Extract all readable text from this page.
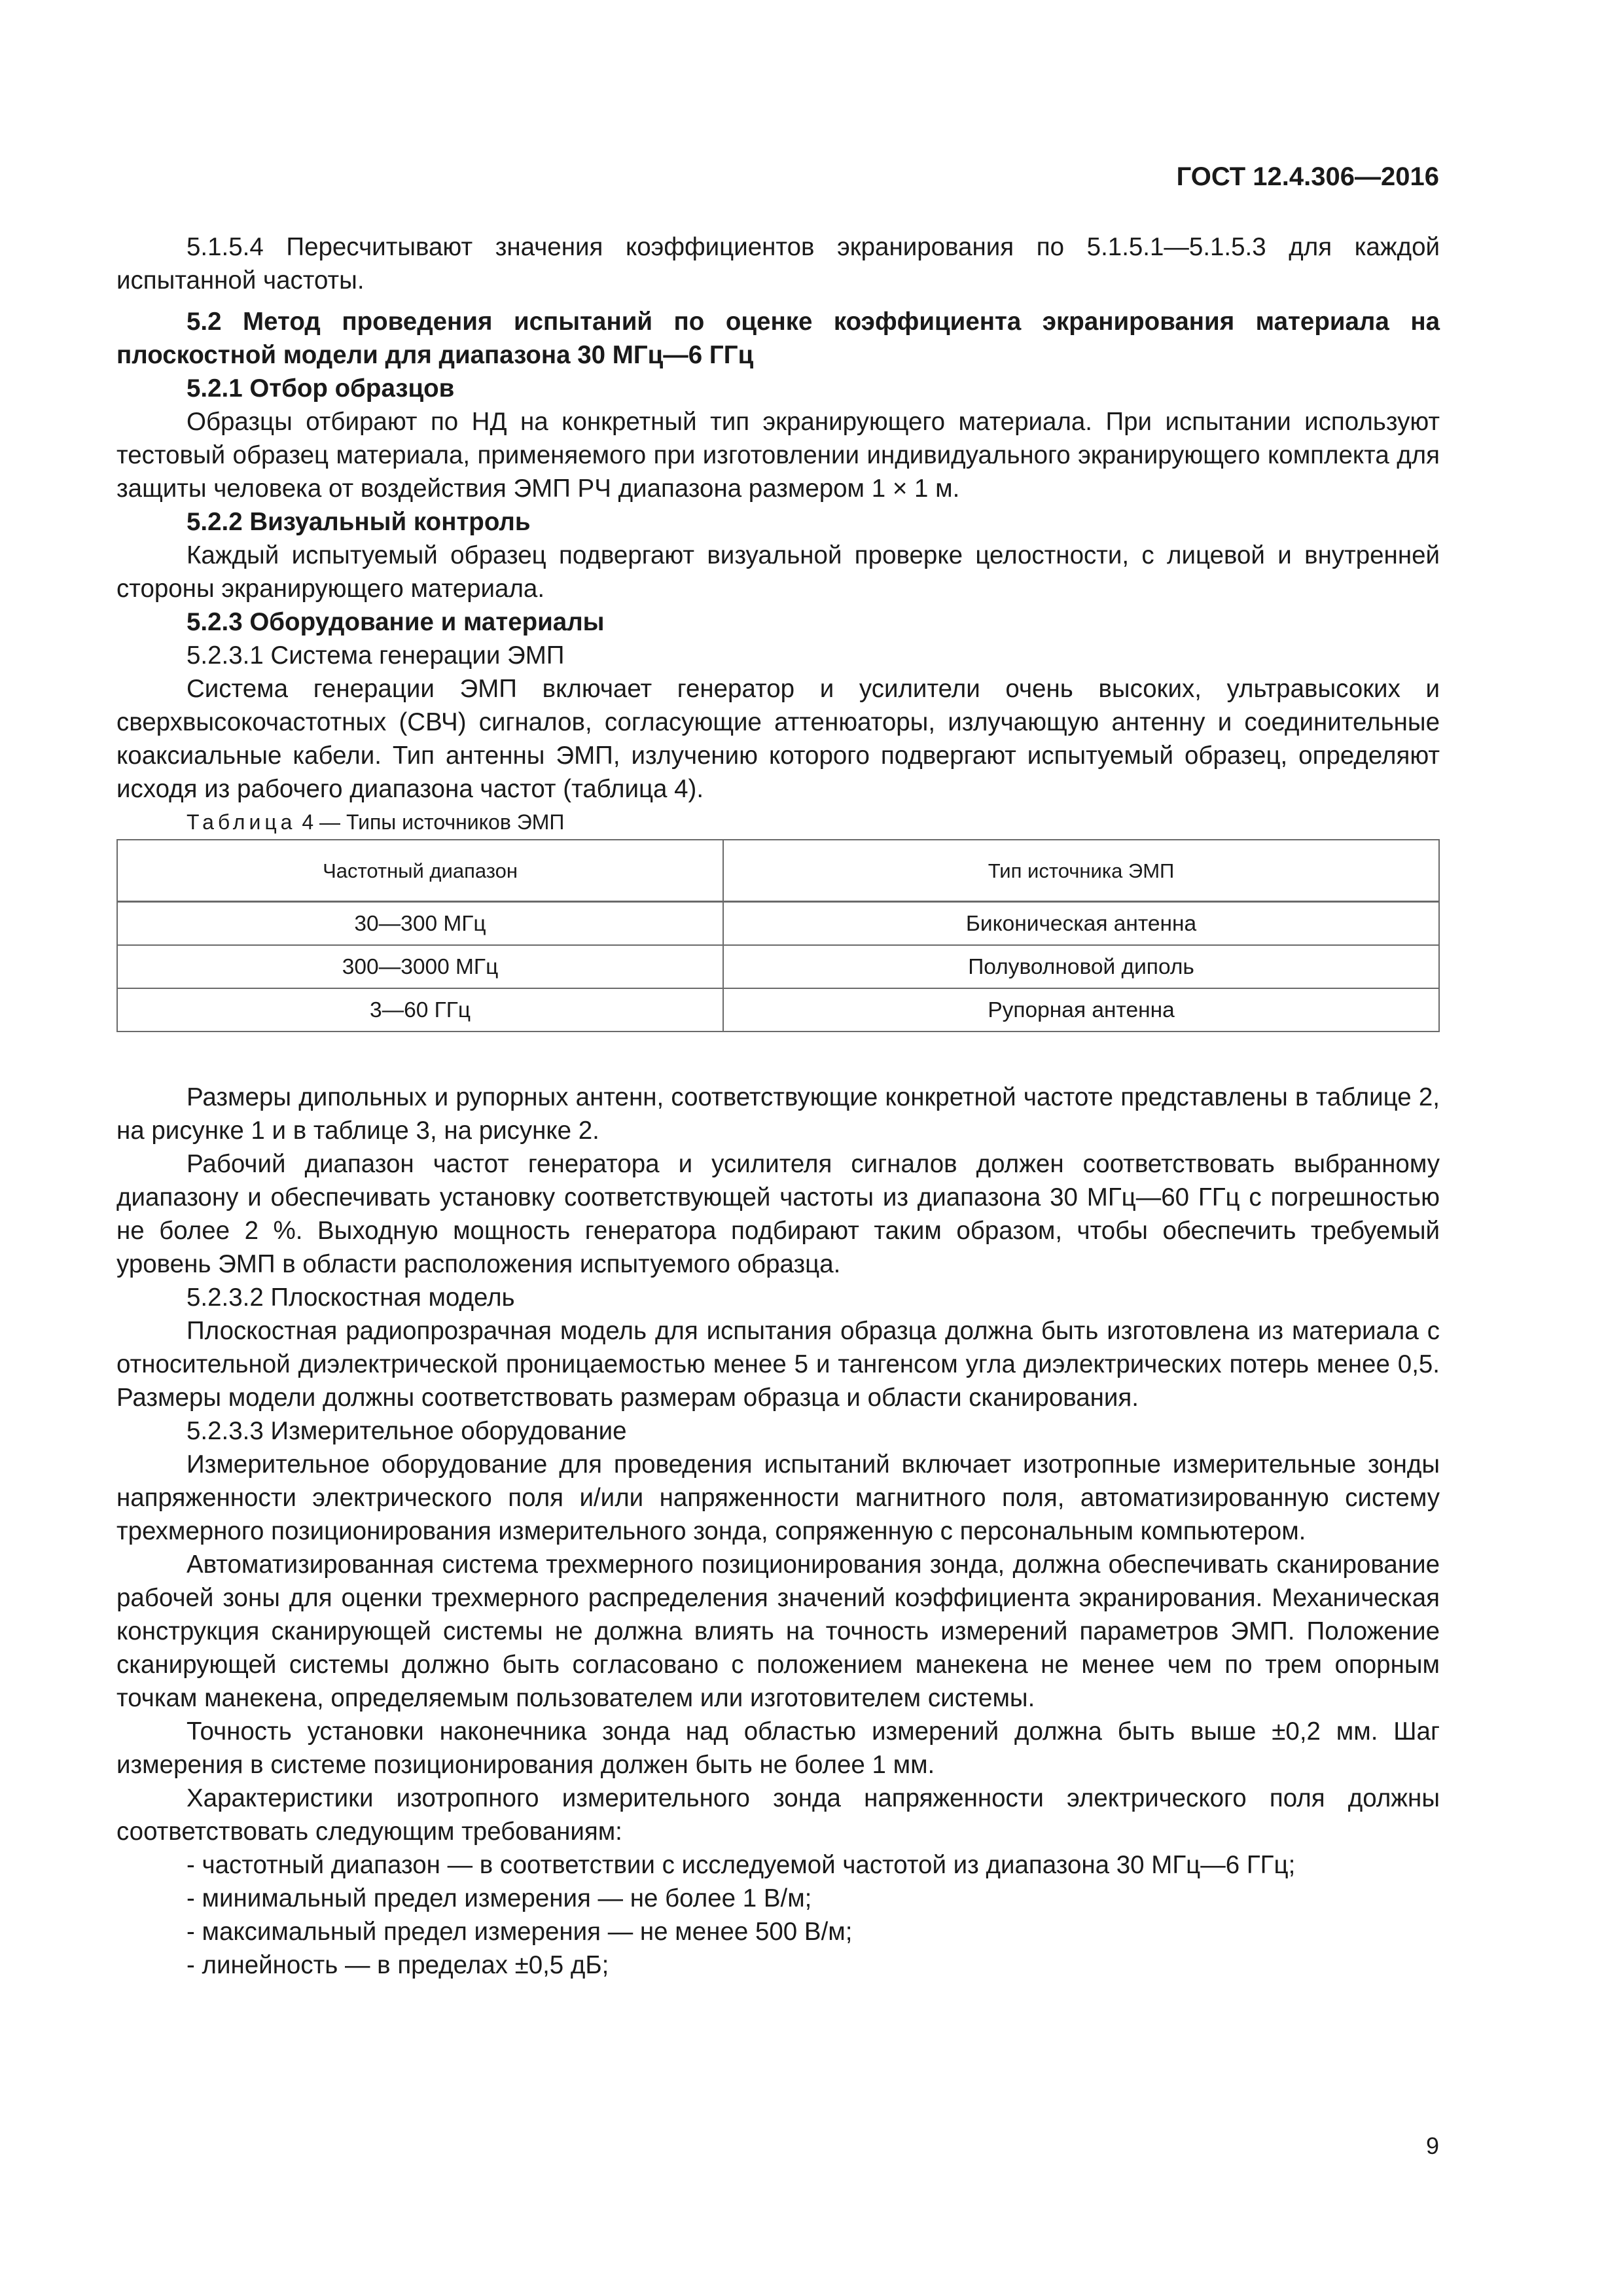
ГОСТ 12.4.306—2016

5.1.5.4 Пересчитывают значения коэффициентов экранирования по 5.1.5.1—5.1.5.3 для каждой испытанной частоты.

5.2 Метод проведения испытаний по оценке коэффициента экранирования материала на плоскостной модели для диапазона 30 МГц—6 ГГц

5.2.1 Отбор образцов

Образцы отбирают по НД на конкретный тип экранирующего материала. При испытании используют тестовый образец материала, применяемого при изготовлении индивидуального экранирующего комплекта для защиты человека от воздействия ЭМП РЧ диапазона размером 1 × 1 м.

5.2.2 Визуальный контроль

Каждый испытуемый образец подвергают визуальной проверке целостности, с лицевой и внутренней стороны экранирующего материала.

5.2.3 Оборудование и материалы

5.2.3.1 Система генерации ЭМП

Система генерации ЭМП включает генератор и усилители очень высоких, ультравысоких и сверхвысокочастотных (СВЧ) сигналов, согласующие аттенюаторы, излучающую антенну и соединительные коаксиальные кабели. Тип антенны ЭМП, излучению которого подвергают испытуемый образец, определяют исходя из рабочего диапазона частот (таблица 4).

Таблица 4 — Типы источников ЭМП

Частотный диапазон	Тип источника ЭМП
30—300 МГц	Биконическая антенна
300—3000 МГц	Полуволновой диполь
3—60 ГГц	Рупорная антенна

Размеры дипольных и рупорных антенн, соответствующие конкретной частоте представлены в таблице 2, на рисунке 1 и в таблице 3, на рисунке 2.

Рабочий диапазон частот генератора и усилителя сигналов должен соответствовать выбранному диапазону и обеспечивать установку соответствующей частоты из диапазона 30 МГц—60 ГГц с погрешностью не более 2 %. Выходную мощность генератора подбирают таким образом, чтобы обеспечить требуемый уровень ЭМП в области расположения испытуемого образца.

5.2.3.2 Плоскостная модель

Плоскостная радиопрозрачная модель для испытания образца должна быть изготовлена из материала с относительной диэлектрической проницаемостью менее 5 и тангенсом угла диэлектрических потерь менее 0,5. Размеры модели должны соответствовать размерам образца и области сканирования.

5.2.3.3 Измерительное оборудование

Измерительное оборудование для проведения испытаний включает изотропные измерительные зонды напряженности электрического поля и/или напряженности магнитного поля, автоматизированную систему трехмерного позиционирования измерительного зонда, сопряженную с персональным компьютером.

Автоматизированная система трехмерного позиционирования зонда, должна обеспечивать сканирование рабочей зоны для оценки трехмерного распределения значений коэффициента экранирования. Механическая конструкция сканирующей системы не должна влиять на точность измерений параметров ЭМП. Положение сканирующей системы должно быть согласовано с положением манекена не менее чем по трем опорным точкам манекена, определяемым пользователем или изготовителем системы.

Точность установки наконечника зонда над областью измерений должна быть выше ±0,2 мм. Шаг измерения в системе позиционирования должен быть не более 1 мм.

Характеристики изотропного измерительного зонда напряженности электрического поля должны соответствовать следующим требованиям:

- частотный диапазон — в соответствии с исследуемой частотой из диапазона 30 МГц—6 ГГц;

- минимальный предел измерения — не более 1 В/м;

- максимальный предел измерения — не менее 500 В/м;

- линейность — в пределах ±0,5 дБ;

9
